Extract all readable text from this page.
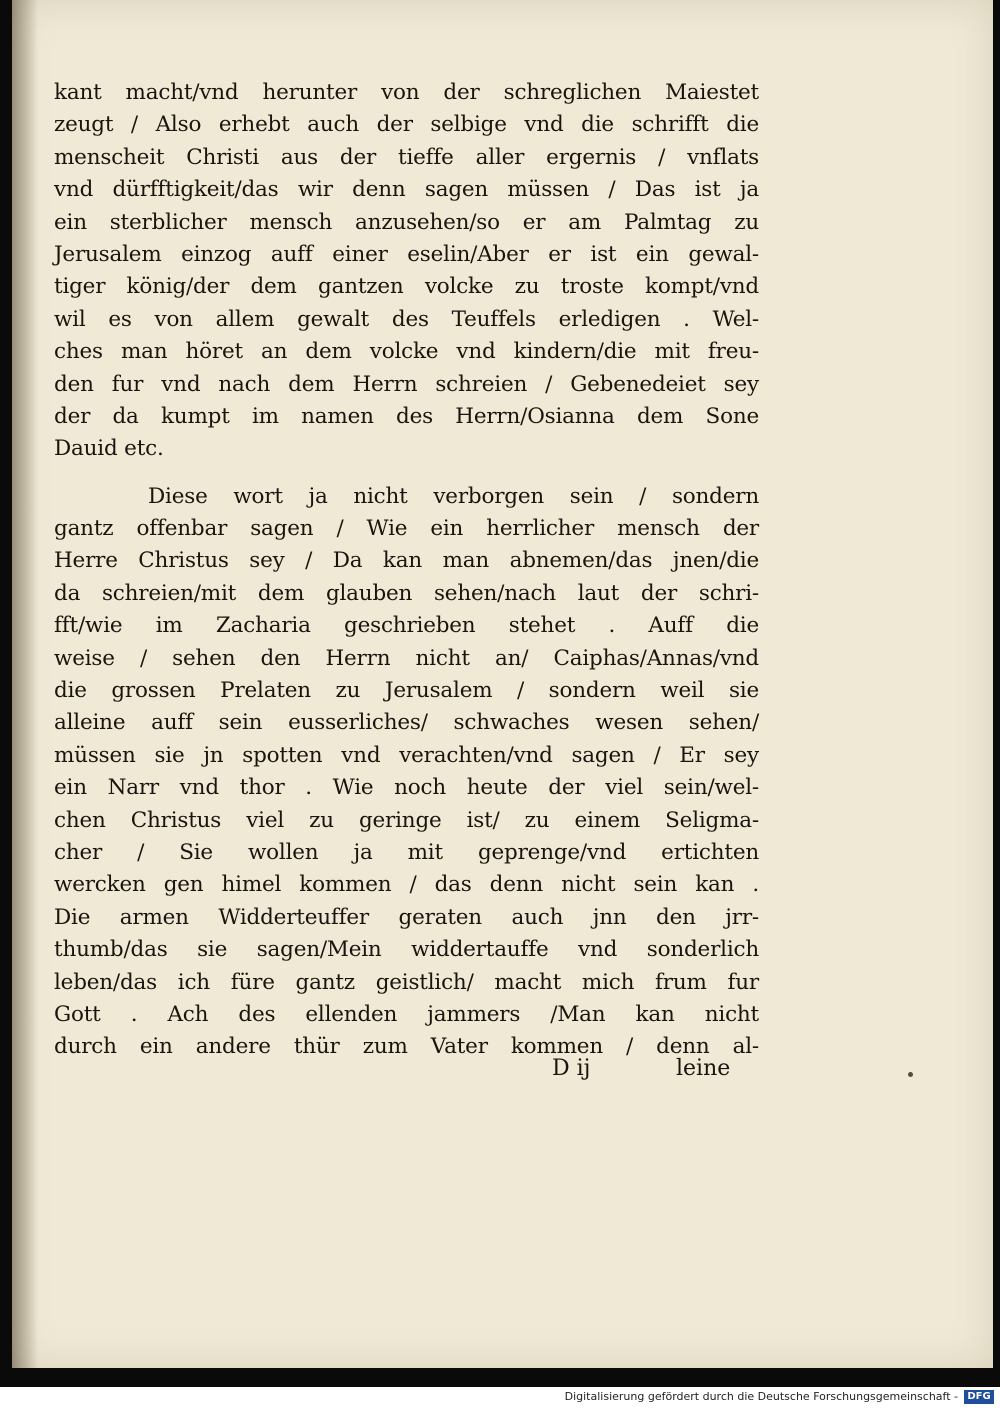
kant macht/vnd herunter von der schreglichen Maiestet
zeugt / Also erhebt auch der selbige vnd die schrifft die
menscheit Christi aus der tieffe aller ergernis / vnflats
vnd dürfftigkeit/das wir denn sagen müssen / Das ist ja
ein sterblicher mensch anzusehen/so er am Palmtag zu
Jerusalem einzog auff einer eselin/Aber er ist ein gewal-
tiger könig/der dem gantzen volcke zu troste kompt/vnd
wil es von allem gewalt des Teuffels erledigen . Wel-
ches man höret an dem volcke vnd kindern/die mit freu-
den fur vnd nach dem Herrn schreien / Gebenedeiet sey
der da kumpt im namen des Herrn/Osianna dem Sone
Dauid etc.
Diese wort ja nicht verborgen sein / sondern
gantz offenbar sagen / Wie ein herrlicher mensch der
Herre Christus sey / Da kan man abnemen/das jnen/die
da schreien/mit dem glauben sehen/nach laut der schri-
fft/wie im Zacharia geschrieben stehet . Auff die
weise / sehen den Herrn nicht an/ Caiphas/Annas/vnd
die grossen Prelaten zu Jerusalem / sondern weil sie
alleine auff sein eusserliches/ schwaches wesen sehen/
müssen sie jn spotten vnd verachten/vnd sagen / Er sey
ein Narr vnd thor . Wie noch heute der viel sein/wel-
chen Christus viel zu geringe ist/ zu einem Seligma-
cher / Sie wollen ja mit geprenge/vnd ertichten
wercken gen himel kommen / das denn nicht sein kan .
Die armen Widderteuffer geraten auch jnn den jrr-
thumb/das sie sagen/Mein widdertauffe vnd sonderlich
leben/das ich füre gantz geistlich/ macht mich frum fur
Gott . Ach des ellenden jammers /Man kan nicht
durch ein andere thür zum Vater kommen / denn al-
D ij	leine
Digitalisierung gefördert durch die Deutsche Forschungsgemeinschaft - DFG
